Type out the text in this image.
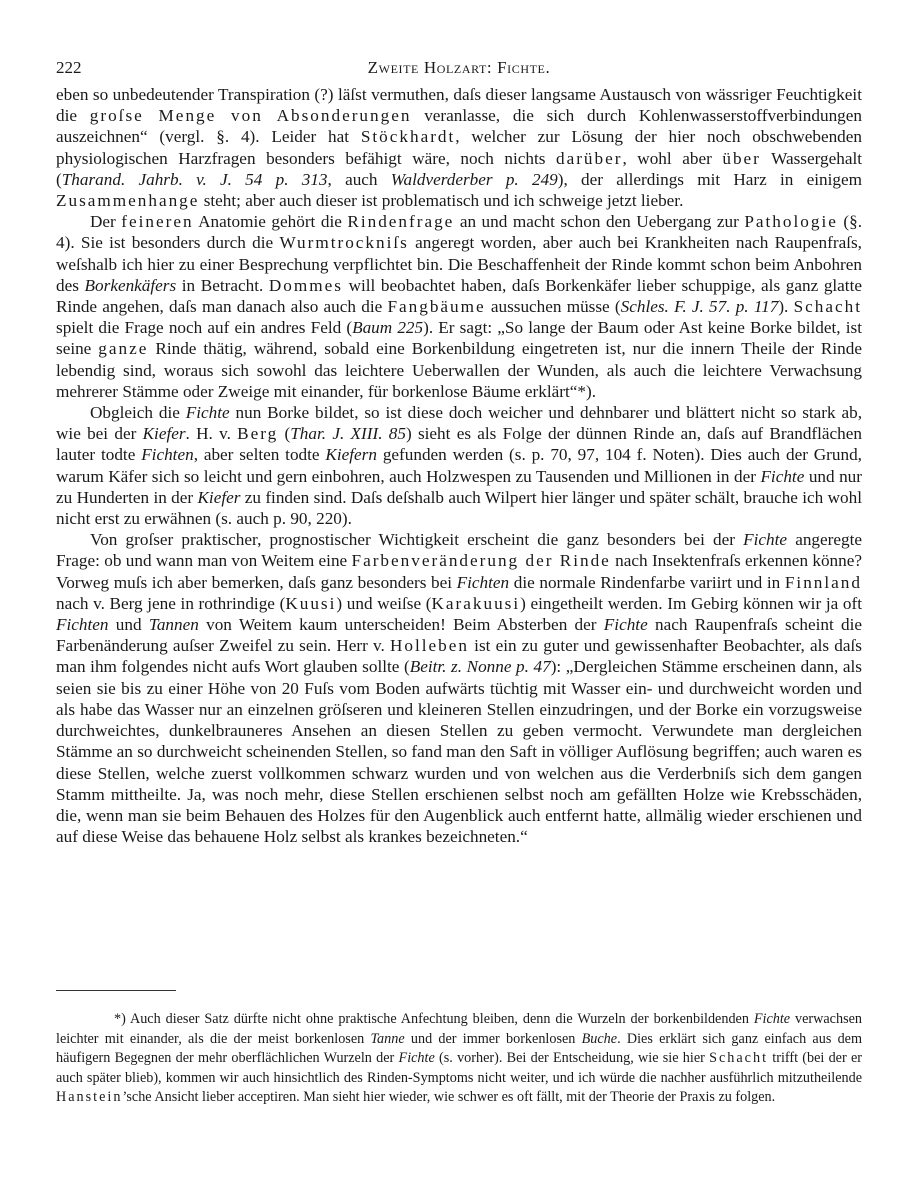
222	Zweite Holzart: Fichte.

eben so unbedeutender Transpiration (?) läſst vermuthen, daſs dieser langsame Austausch von wässriger Feuchtigkeit die groſse Menge von Absonderungen veranlasse, die sich durch Kohlenwasserstoffverbindungen auszeichnen“ (vergl. §. 4). Leider hat Stöckhardt, welcher zur Lösung der hier noch obschwebenden physiologischen Harzfragen besonders befähigt wäre, noch nichts darüber, wohl aber über Wassergehalt (Tharand. Jahrb. v. J. 54 p. 313, auch Waldverderber p. 249), der allerdings mit Harz in einigem Zusammenhange steht; aber auch dieser ist problematisch und ich schweige jetzt lieber.

Der feineren Anatomie gehört die Rindenfrage an und macht schon den Uebergang zur Pathologie (§. 4). Sie ist besonders durch die Wurmtrockniſs angeregt worden, aber auch bei Krankheiten nach Raupenfraſs, weſshalb ich hier zu einer Besprechung verpflichtet bin. Die Beschaffenheit der Rinde kommt schon beim Anbohren des Borkenkäfers in Betracht. Dommes will beobachtet haben, daſs Borkenkäfer lieber schuppige, als ganz glatte Rinde angehen, daſs man danach also auch die Fangbäume aussuchen müsse (Schles. F. J. 57. p. 117). Schacht spielt die Frage noch auf ein andres Feld (Baum 225). Er sagt: „So lange der Baum oder Ast keine Borke bildet, ist seine ganze Rinde thätig, während, sobald eine Borkenbildung eingetreten ist, nur die innern Theile der Rinde lebendig sind, woraus sich sowohl das leichtere Ueberwallen der Wunden, als auch die leichtere Verwachsung mehrerer Stämme oder Zweige mit einander, für borkenlose Bäume erklärt“*).

Obgleich die Fichte nun Borke bildet, so ist diese doch weicher und dehnbarer und blättert nicht so stark ab, wie bei der Kiefer. H. v. Berg (Thar. J. XIII. 85) sieht es als Folge der dünnen Rinde an, daſs auf Brandflächen lauter todte Fichten, aber selten todte Kiefern gefunden werden (s. p. 70, 97, 104 f. Noten). Dies auch der Grund, warum Käfer sich so leicht und gern einbohren, auch Holzwespen zu Tausenden und Millionen in der Fichte und nur zu Hunderten in der Kiefer zu finden sind. Daſs deſshalb auch Wilpert hier länger und später schält, brauche ich wohl nicht erst zu erwähnen (s. auch p. 90, 220).

Von groſser praktischer, prognostischer Wichtigkeit erscheint die ganz besonders bei der Fichte angeregte Frage: ob und wann man von Weitem eine Farbenveränderung der Rinde nach Insektenfraſs erkennen könne? Vorweg muſs ich aber bemerken, daſs ganz besonders bei Fichten die normale Rindenfarbe variirt und in Finnland nach v. Berg jene in rothrindige (Kuusi) und weiſse (Karakuusi) eingetheilt werden. Im Gebirg können wir ja oft Fichten und Tannen von Weitem kaum unterscheiden! Beim Absterben der Fichte nach Raupenfraſs scheint die Farbenänderung auſser Zweifel zu sein. Herr v. Holleben ist ein zu guter und gewissenhafter Beobachter, als daſs man ihm folgendes nicht aufs Wort glauben sollte (Beitr. z. Nonne p. 47): „Dergleichen Stämme erscheinen dann, als seien sie bis zu einer Höhe von 20 Fuſs vom Boden aufwärts tüchtig mit Wasser ein- und durchweicht worden und als habe das Wasser nur an einzelnen gröſseren und kleineren Stellen einzudringen, und der Borke ein vorzugsweise durchweichtes, dunkelbrauneres Ansehen an diesen Stellen zu geben vermocht. Verwundete man dergleichen Stämme an so durchweicht scheinenden Stellen, so fand man den Saft in völliger Auflösung begriffen; auch waren es diese Stellen, welche zuerst vollkommen schwarz wurden und von welchen aus die Verderbniſs sich dem gangen Stamm mittheilte. Ja, was noch mehr, diese Stellen erschienen selbst noch am gefällten Holze wie Krebsschäden, die, wenn man sie beim Behauen des Holzes für den Augenblick auch entfernt hatte, allmälig wieder erschienen und auf diese Weise das behauene Holz selbst als krankes bezeichneten.“

*) Auch dieser Satz dürfte nicht ohne praktische Anfechtung bleiben, denn die Wurzeln der borkenbildenden Fichte verwachsen leichter mit einander, als die der meist borkenlosen Tanne und der immer borkenlosen Buche. Dies erklärt sich ganz einfach aus dem häufigern Begegnen der mehr oberflächlichen Wurzeln der Fichte (s. vorher). Bei der Entscheidung, wie sie hier Schacht trifft (bei der er auch später blieb), kommen wir auch hinsichtlich des Rinden-Symptoms nicht weiter, und ich würde die nachher ausführlich mitzutheilende Hanstein’sche Ansicht lieber acceptiren. Man sieht hier wieder, wie schwer es oft fällt, mit der Theorie der Praxis zu folgen.
